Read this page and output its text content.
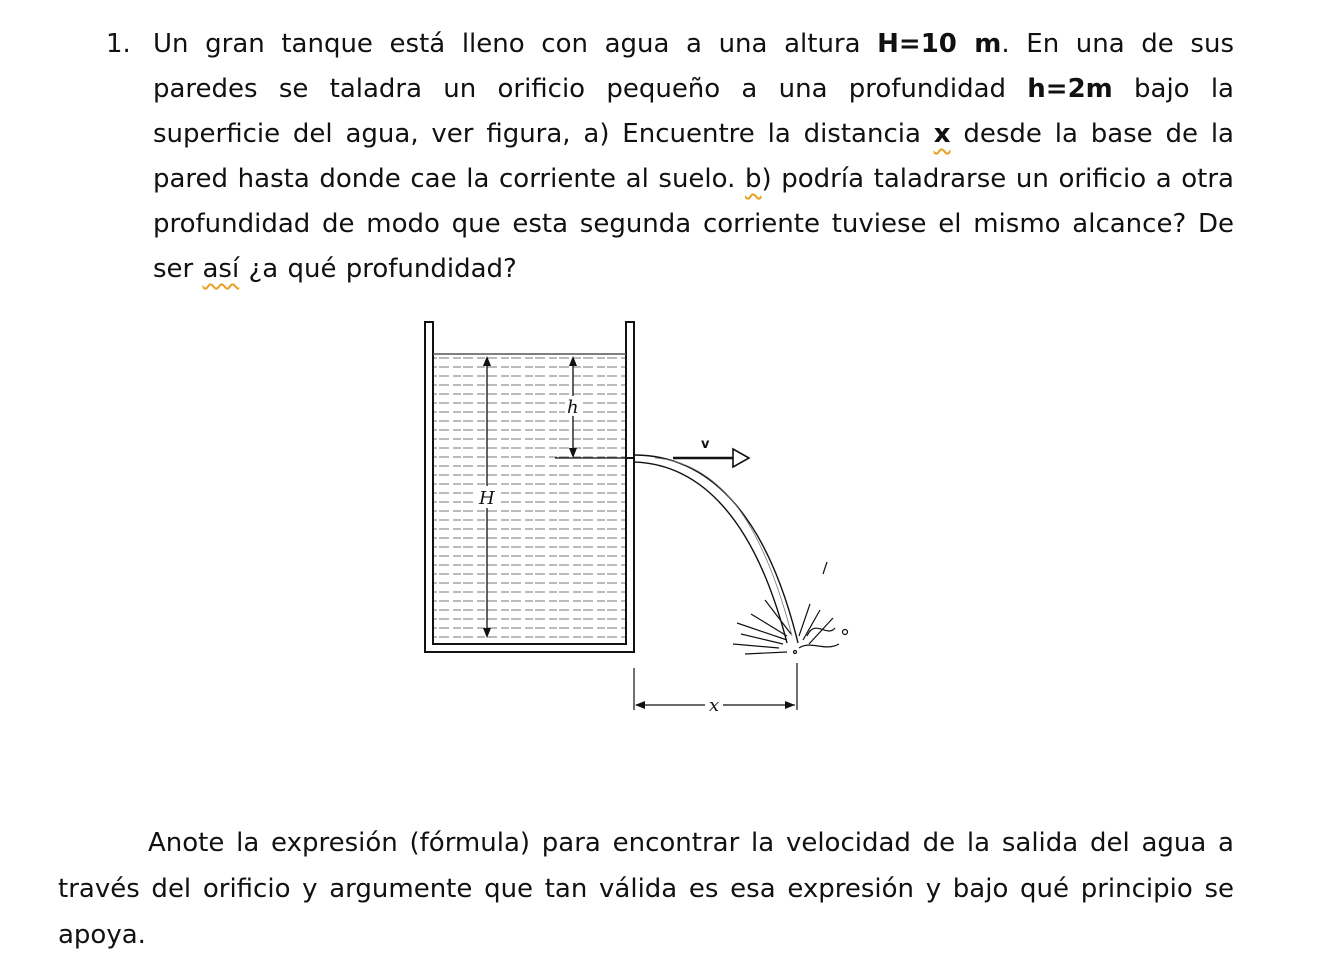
1. Un gran tanque está lleno con agua a una altura H=10 m. En una de sus paredes se taladra un orificio pequeño a una profundidad h=2m bajo la superficie del agua, ver figura, a) Encuentre la distancia x desde la base de la pared hasta donde cae la corriente al suelo. b) podría taladrarse un orificio a otra profundidad de modo que esta segunda corriente tuviese el mismo alcance? De ser así ¿a qué profundidad?
H
h
v
x
Anote la expresión (fórmula) para encontrar la velocidad de la salida del agua a través del orificio y argumente que tan válida es esa expresión y bajo qué principio se apoya.
